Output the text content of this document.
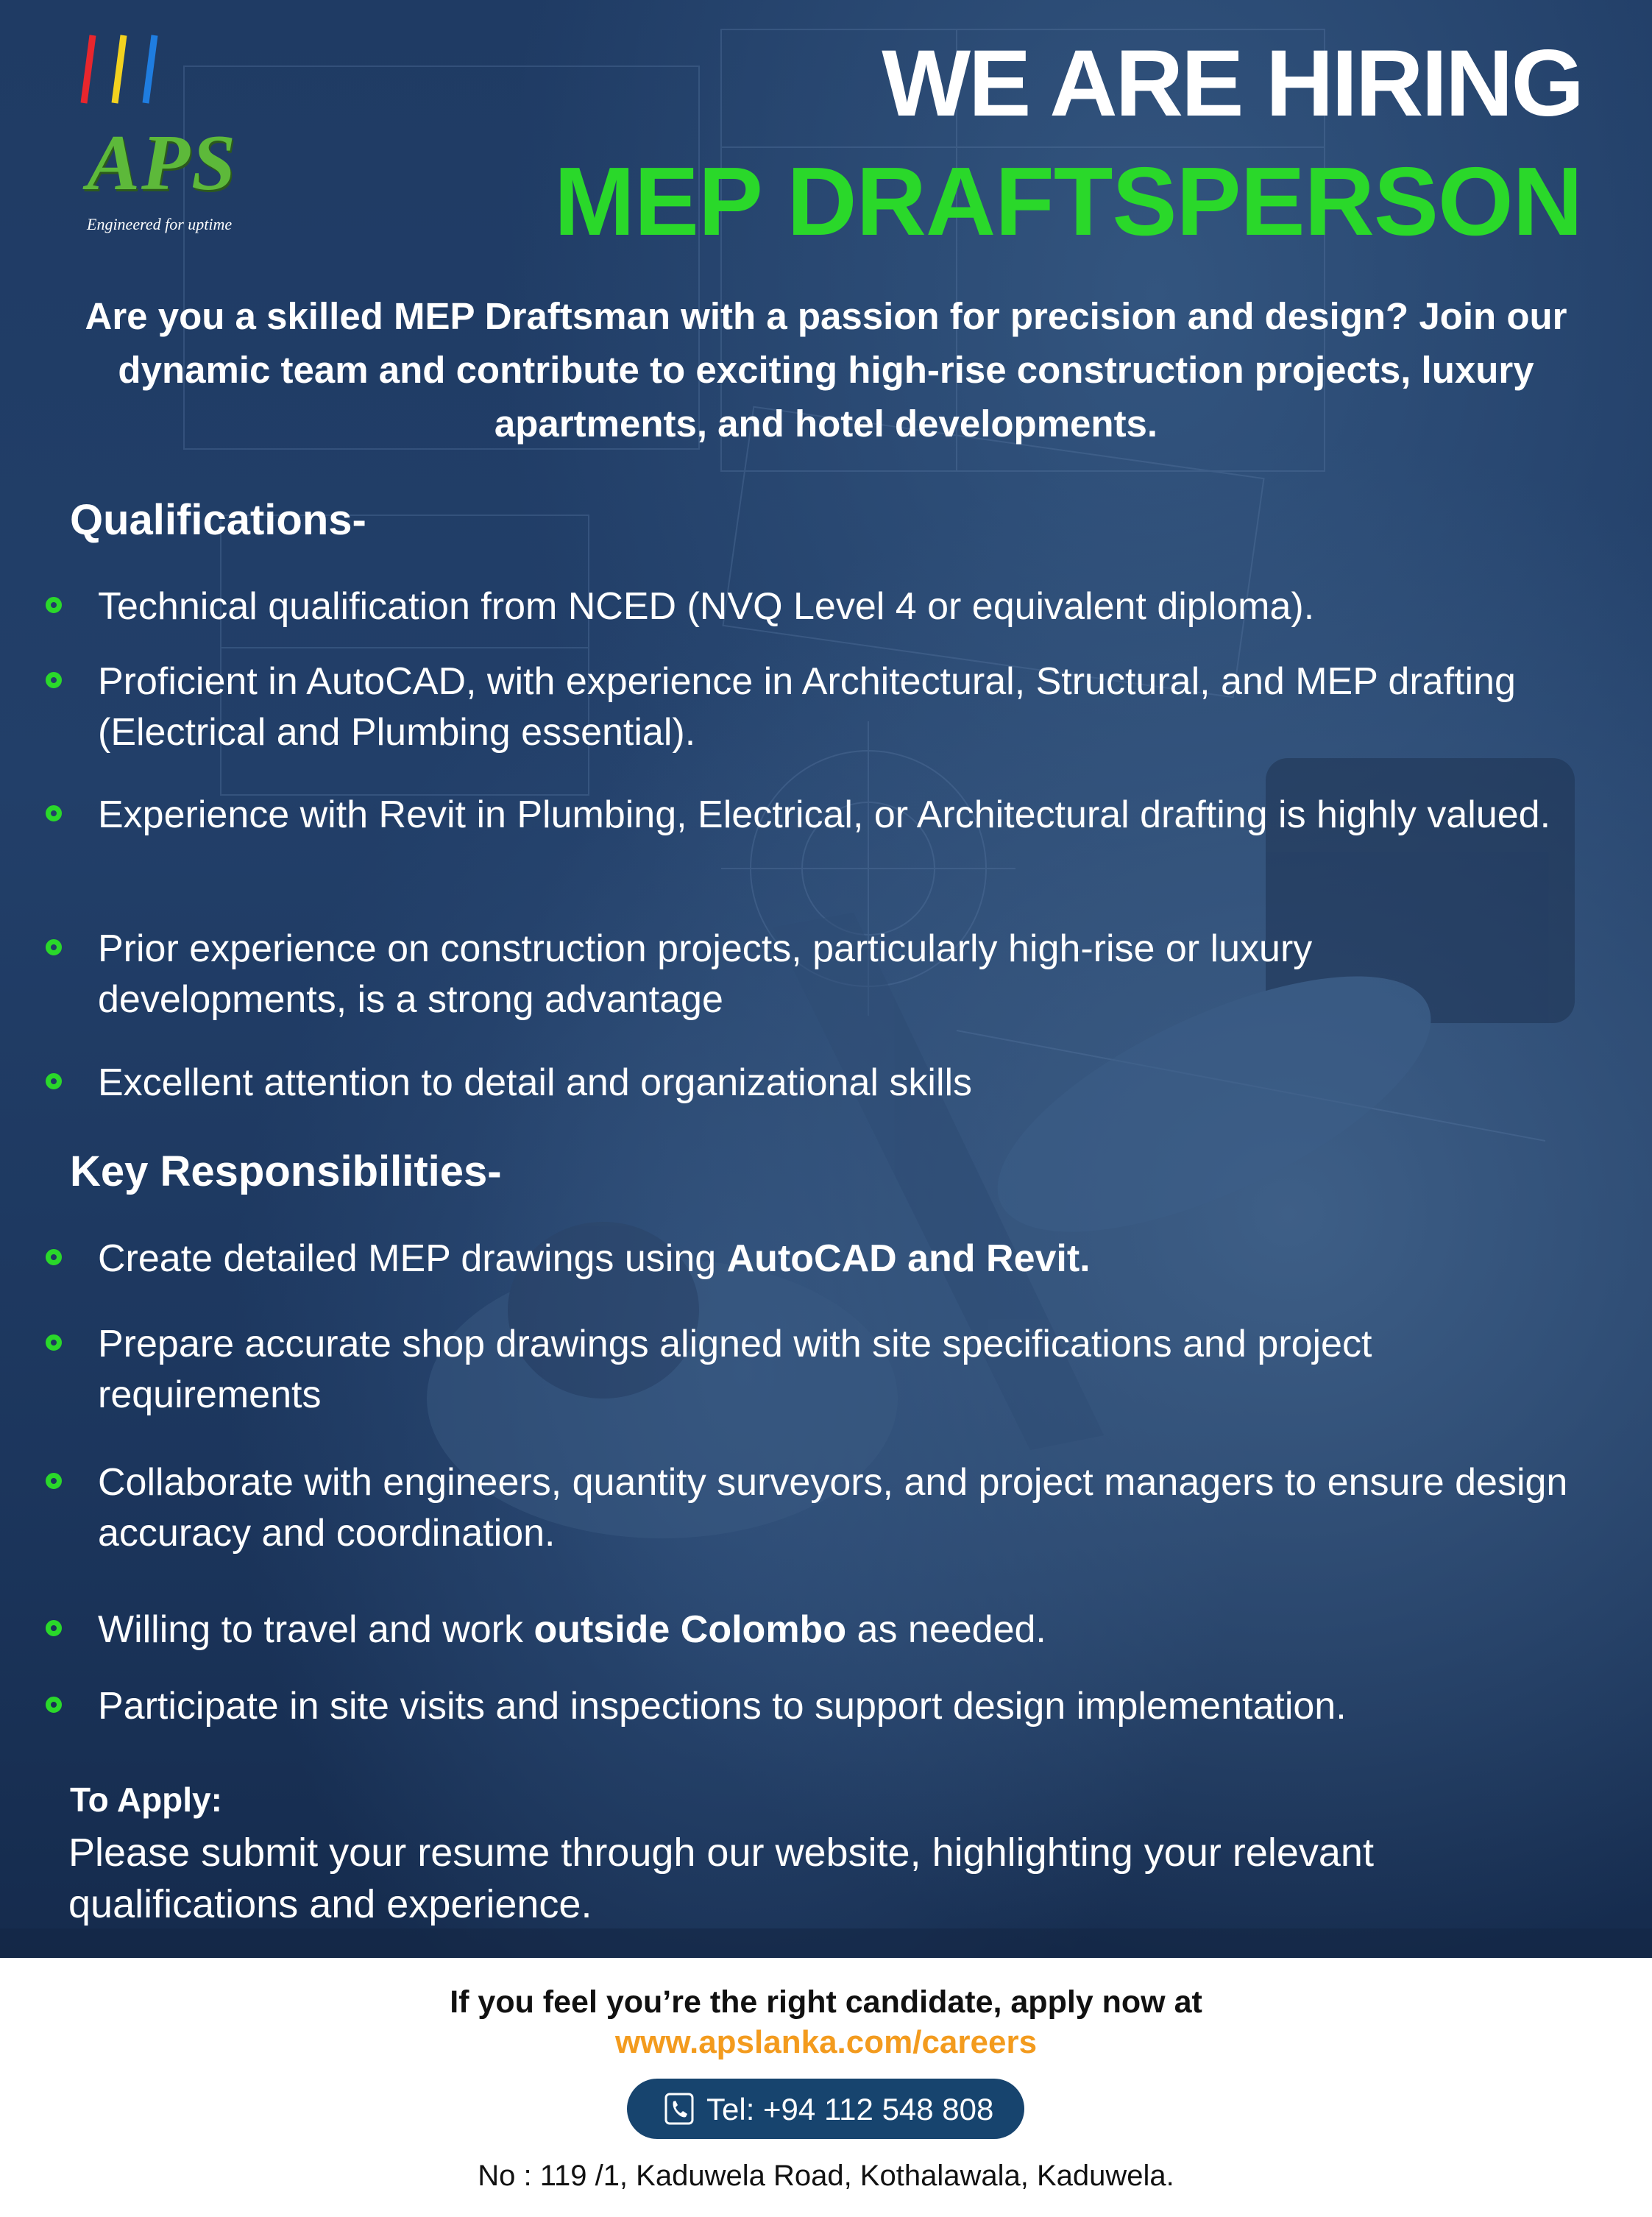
APS
Engineered for uptime
WE ARE HIRING
MEP DRAFTSPERSON
Are you a skilled MEP Draftsman with a passion for precision and design? Join our dynamic team and contribute to exciting high-rise construction projects, luxury apartments, and hotel developments.
Qualifications-
Technical qualification from NCED (NVQ Level 4 or equivalent diploma).
Proficient in AutoCAD, with experience in Architectural, Structural, and MEP drafting (Electrical and Plumbing essential).
Experience with Revit in Plumbing, Electrical, or Architectural drafting is highly valued.
Prior experience on construction projects, particularly high-rise or luxury developments, is a strong advantage
Excellent attention to detail and organizational skills
Key Responsibilities-
Create detailed MEP drawings using AutoCAD and Revit.
Prepare accurate shop drawings aligned with site specifications and project requirements
Collaborate with engineers, quantity surveyors, and project managers to ensure design accuracy and coordination.
Willing to travel and work outside Colombo as needed.
Participate in site visits and inspections to support design implementation.
To Apply:
Please submit your resume through our website, highlighting your relevant qualifications and experience.
If you feel you’re the right candidate, apply now at
www.apslanka.com/careers
Tel: +94 112 548 808
No : 119 /1, Kaduwela Road, Kothalawala, Kaduwela.
